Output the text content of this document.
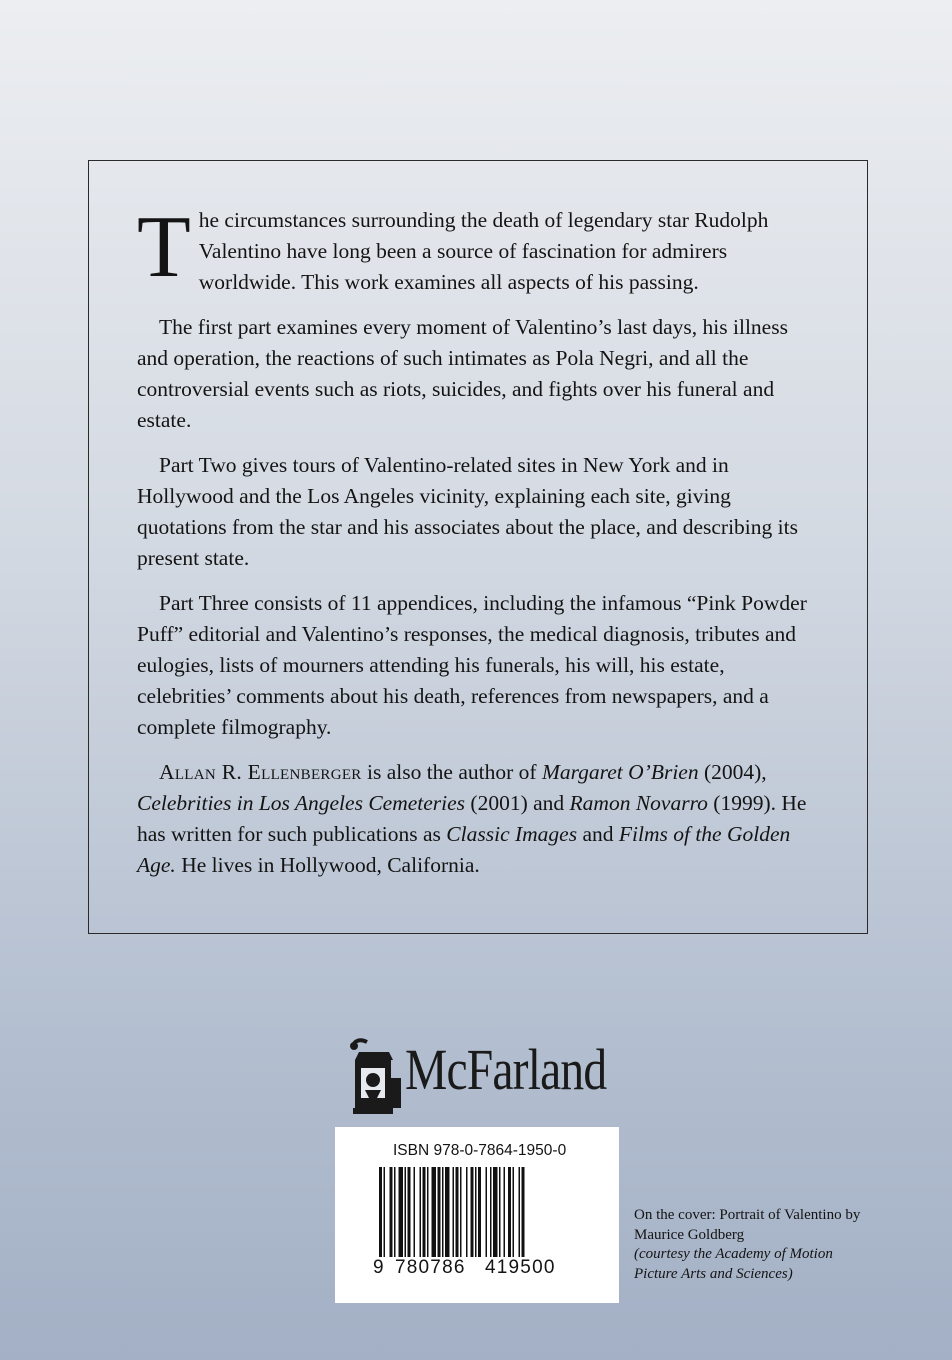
The circumstances surrounding the death of legendary star Rudolph Valentino have long been a source of fascination for admirers worldwide. This work examines all aspects of his passing.

The first part examines every moment of Valentino’s last days, his illness and operation, the reactions of such intimates as Pola Negri, and all the controversial events such as riots, suicides, and fights over his funeral and estate.

Part Two gives tours of Valentino-related sites in New York and in Hollywood and the Los Angeles vicinity, explaining each site, giving quotations from the star and his associates about the place, and describing its present state.

Part Three consists of 11 appendices, including the infamous “Pink Powder Puff” editorial and Valentino’s responses, the medical diagnosis, tributes and eulogies, lists of mourners attending his funerals, his will, his estate, celebrities’ comments about his death, references from newspapers, and a complete filmography.

Allan R. Ellenberger is also the author of Margaret O’Brien (2004), Celebrities in Los Angeles Cemeteries (2001) and Ramon Novarro (1999). He has written for such publications as Classic Images and Films of the Golden Age. He lives in Hollywood, California.

McFarland
ISBN 978-0-7864-1950-0
9 780786 419500
On the cover: Portrait of Valentino by Maurice Goldberg
(courtesy the Academy of Motion Picture Arts and Sciences)
